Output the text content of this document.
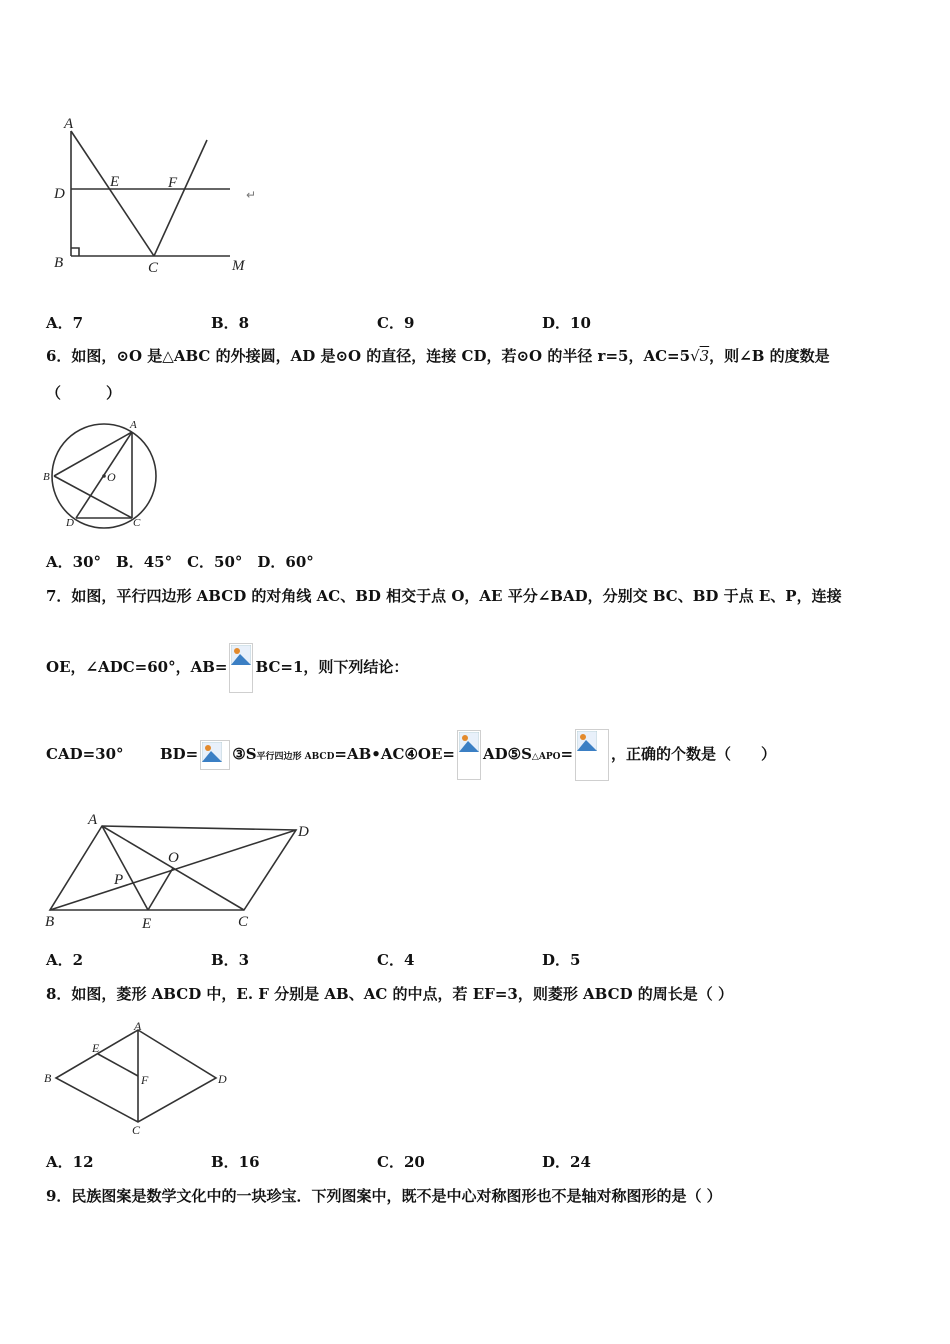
A
D
E	F
B	C	M
↵
A．7	B．8	C．9	D．10
6．如图，⊙O 是△ABC 的外接圆，AD 是⊙O 的直径，连接 CD，若⊙O 的半径 r=5，AC=5√3，则∠B 的度数是
（　　　）
A
B	O
D	C
A．30°　B．45°　C．50°　D．60°
7．如图，平行四边形 ABCD 的对角线 AC、BD 相交于点 O，AE 平分∠BAD，分别交 BC、BD 于点 E、P，连接
OE，∠ADC=60°，AB= BC=1，则下列结论：
CAD=30° BD= ③S平行四边形 ABCD=AB•AC④OE= AD⑤S△APO=	，正确的个数是（　　）
A
D
O
P
B	E	C
A．2	B．3	C．4	D．5
8．如图，菱形 ABCD 中，E. F 分别是 AB、AC 的中点，若 EF=3，则菱形 ABCD 的周长是（ ）
A
E
B	F	D
C
A．12	B．16	C．20	D．24
9．民族图案是数学文化中的一块珍宝．下列图案中，既不是中心对称图形也不是轴对称图形的是（ ）
